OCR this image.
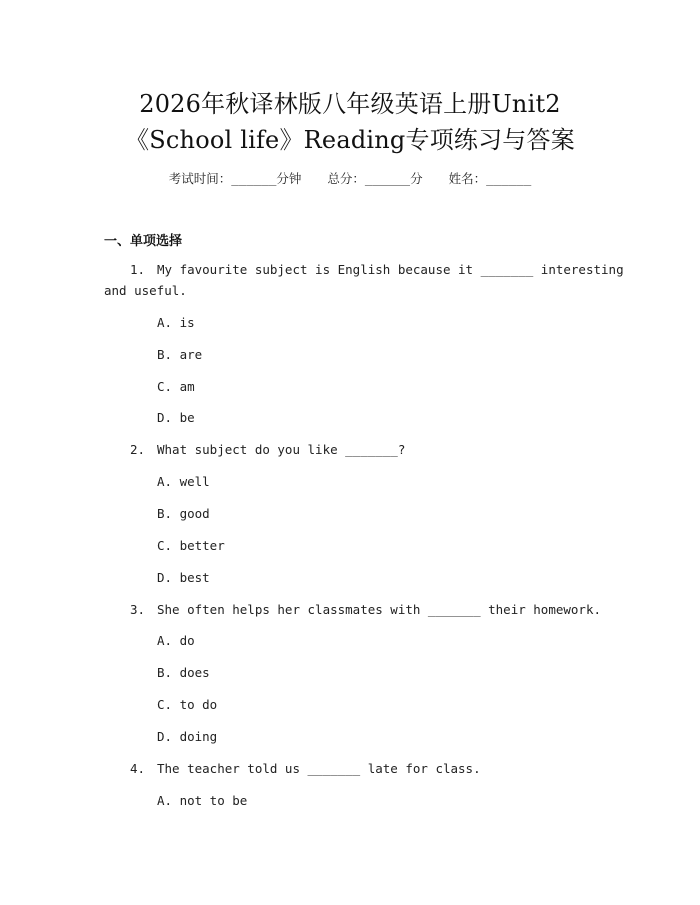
2026年秋译林版八年级英语上册Unit2
《School life》Reading专项练习与答案
考试时间：______分钟 总分：______分 姓名：______
一、单项选择
1. My favourite subject is English because it _______ interesting
and useful.
A. is
B. are
C. am
D. be
2. What subject do you like _______?
A. well
B. good
C. better
D. best
3. She often helps her classmates with _______ their homework.
A. do
B. does
C. to do
D. doing
4. The teacher told us _______ late for class.
A. not to be
